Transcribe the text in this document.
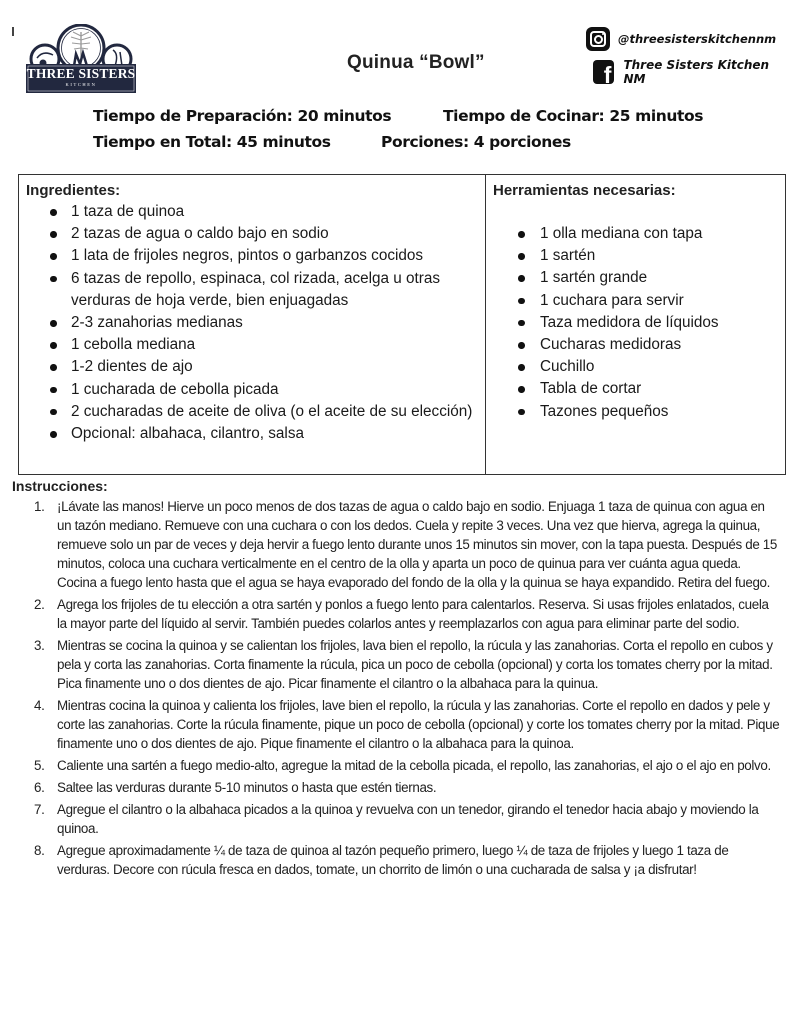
THREE SISTERS
KITCHEN
Quinua “Bowl”
@threesisterskitchennm
f Three Sisters Kitchen NM
Tiempo de Preparación: 20 minutos	Tiempo de Cocinar: 25 minutos
Tiempo en Total: 45 minutos	Porciones: 4 porciones
Ingredientes:
1 taza de quinoa
2 tazas de agua o caldo bajo en sodio
1 lata de frijoles negros, pintos o garbanzos cocidos
6 tazas de repollo, espinaca, col rizada, acelga u otras verduras de hoja verde, bien enjuagadas
2-3 zanahorias medianas
1 cebolla mediana
1-2 dientes de ajo
1 cucharada de cebolla picada
2 cucharadas de aceite de oliva (o el aceite de su elección)
Opcional: albahaca, cilantro, salsa
Herramientas necesarias:
1 olla mediana con tapa
1 sartén
1 sartén grande
1 cuchara para servir
Taza medidora de líquidos
Cucharas medidoras
Cuchillo
Tabla de cortar
Tazones pequeños
Instrucciones:
1. ¡Lávate las manos! Hierve un poco menos de dos tazas de agua o caldo bajo en sodio. Enjuaga 1 taza de quinua con agua en un tazón mediano. Remueve con una cuchara o con los dedos. Cuela y repite 3 veces. Una vez que hierva, agrega la quinua, remueve solo un par de veces y deja hervir a fuego lento durante unos 15 minutos sin mover, con la tapa puesta. Después de 15 minutos, coloca una cuchara verticalmente en el centro de la olla y aparta un poco de quinua para ver cuánta agua queda. Cocina a fuego lento hasta que el agua se haya evaporado del fondo de la olla y la quinua se haya expandido. Retira del fuego.
2. Agrega los frijoles de tu elección a otra sartén y ponlos a fuego lento para calentarlos. Reserva. Si usas frijoles enlatados, cuela la mayor parte del líquido al servir. También puedes colarlos antes y reemplazarlos con agua para eliminar parte del sodio.
3. Mientras se cocina la quinoa y se calientan los frijoles, lava bien el repollo, la rúcula y las zanahorias. Corta el repollo en cubos y pela y corta las zanahorias. Corta finamente la rúcula, pica un poco de cebolla (opcional) y corta los tomates cherry por la mitad. Pica finamente uno o dos dientes de ajo. Picar finamente el cilantro o la albahaca para la quinua.
4. Mientras cocina la quinoa y calienta los frijoles, lave bien el repollo, la rúcula y las zanahorias. Corte el repollo en dados y pele y corte las zanahorias. Corte la rúcula finamente, pique un poco de cebolla (opcional) y corte los tomates cherry por la mitad. Pique finamente uno o dos dientes de ajo. Pique finamente el cilantro o la albahaca para la quinoa.
5. Caliente una sartén a fuego medio-alto, agregue la mitad de la cebolla picada, el repollo, las zanahorias, el ajo o el ajo en polvo.
6. Saltee las verduras durante 5-10 minutos o hasta que estén tiernas.
7. Agregue el cilantro o la albahaca picados a la quinoa y revuelva con un tenedor, girando el tenedor hacia abajo y moviendo la quinoa.
8. Agregue aproximadamente ¼ de taza de quinoa al tazón pequeño primero, luego ¼ de taza de frijoles y luego 1 taza de verduras. Decore con rúcula fresca en dados, tomate, un chorrito de limón o una cucharada de salsa y ¡a disfrutar!
